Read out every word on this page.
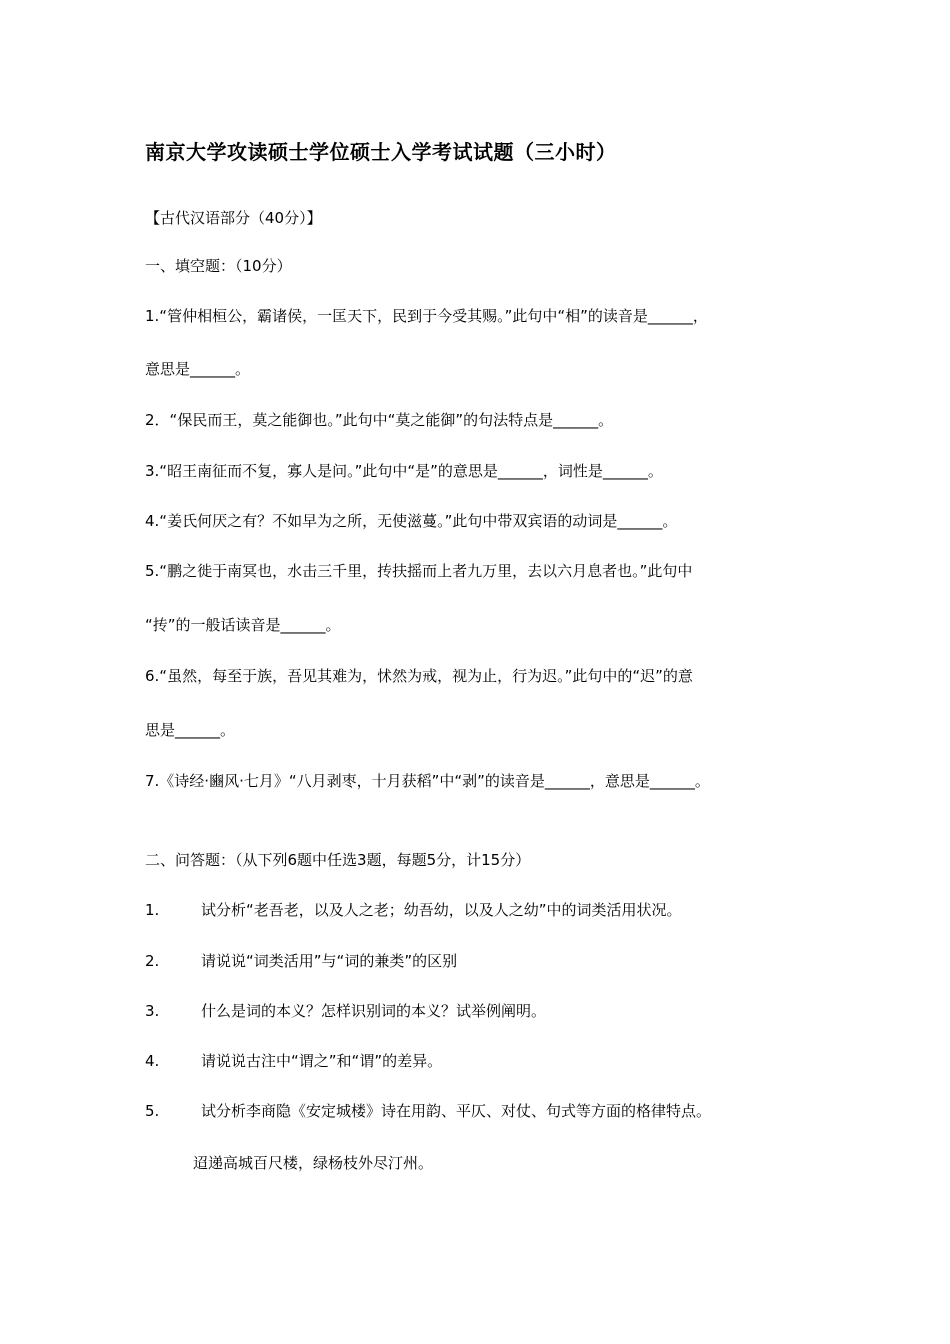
南京大学攻读硕士学位硕士入学考试试题（三小时）
【古代汉语部分（40分）】
一、填空题：（10分）
1.“管仲相桓公，霸诸侯，一匡天下，民到于今受其赐。”此句中“相”的读音是______，
意思是______。
2．“保民而王，莫之能御也。”此句中“莫之能御”的句法特点是______。
3.“昭王南征而不复，寡人是问。”此句中“是”的意思是______，词性是______。
4.“姜氏何厌之有？不如早为之所，无使滋蔓。”此句中带双宾语的动词是______。
5.“鹏之徙于南冥也，水击三千里，抟扶摇而上者九万里，去以六月息者也。”此句中
“抟”的一般话读音是______。
6.“虽然，每至于族，吾见其难为，怵然为戒，视为止，行为迟。”此句中的“迟”的意
思是______。
7.《诗经·豳风·七月》“八月剥枣，十月获稻”中“剥”的读音是______，意思是______。
二、问答题：（从下列6题中任选3题，每题5分，计15分）
1.	试分析“老吾老，以及人之老；幼吾幼，以及人之幼”中的词类活用状况。
2.	请说说“词类活用”与“词的兼类”的区别
3.	什么是词的本义？怎样识别词的本义？试举例阐明。
4.	请说说古注中“谓之”和“谓”的差异。
5.	试分析李商隐《安定城楼》诗在用韵、平仄、对仗、句式等方面的格律特点。
迢递高城百尺楼，绿杨枝外尽汀州。
